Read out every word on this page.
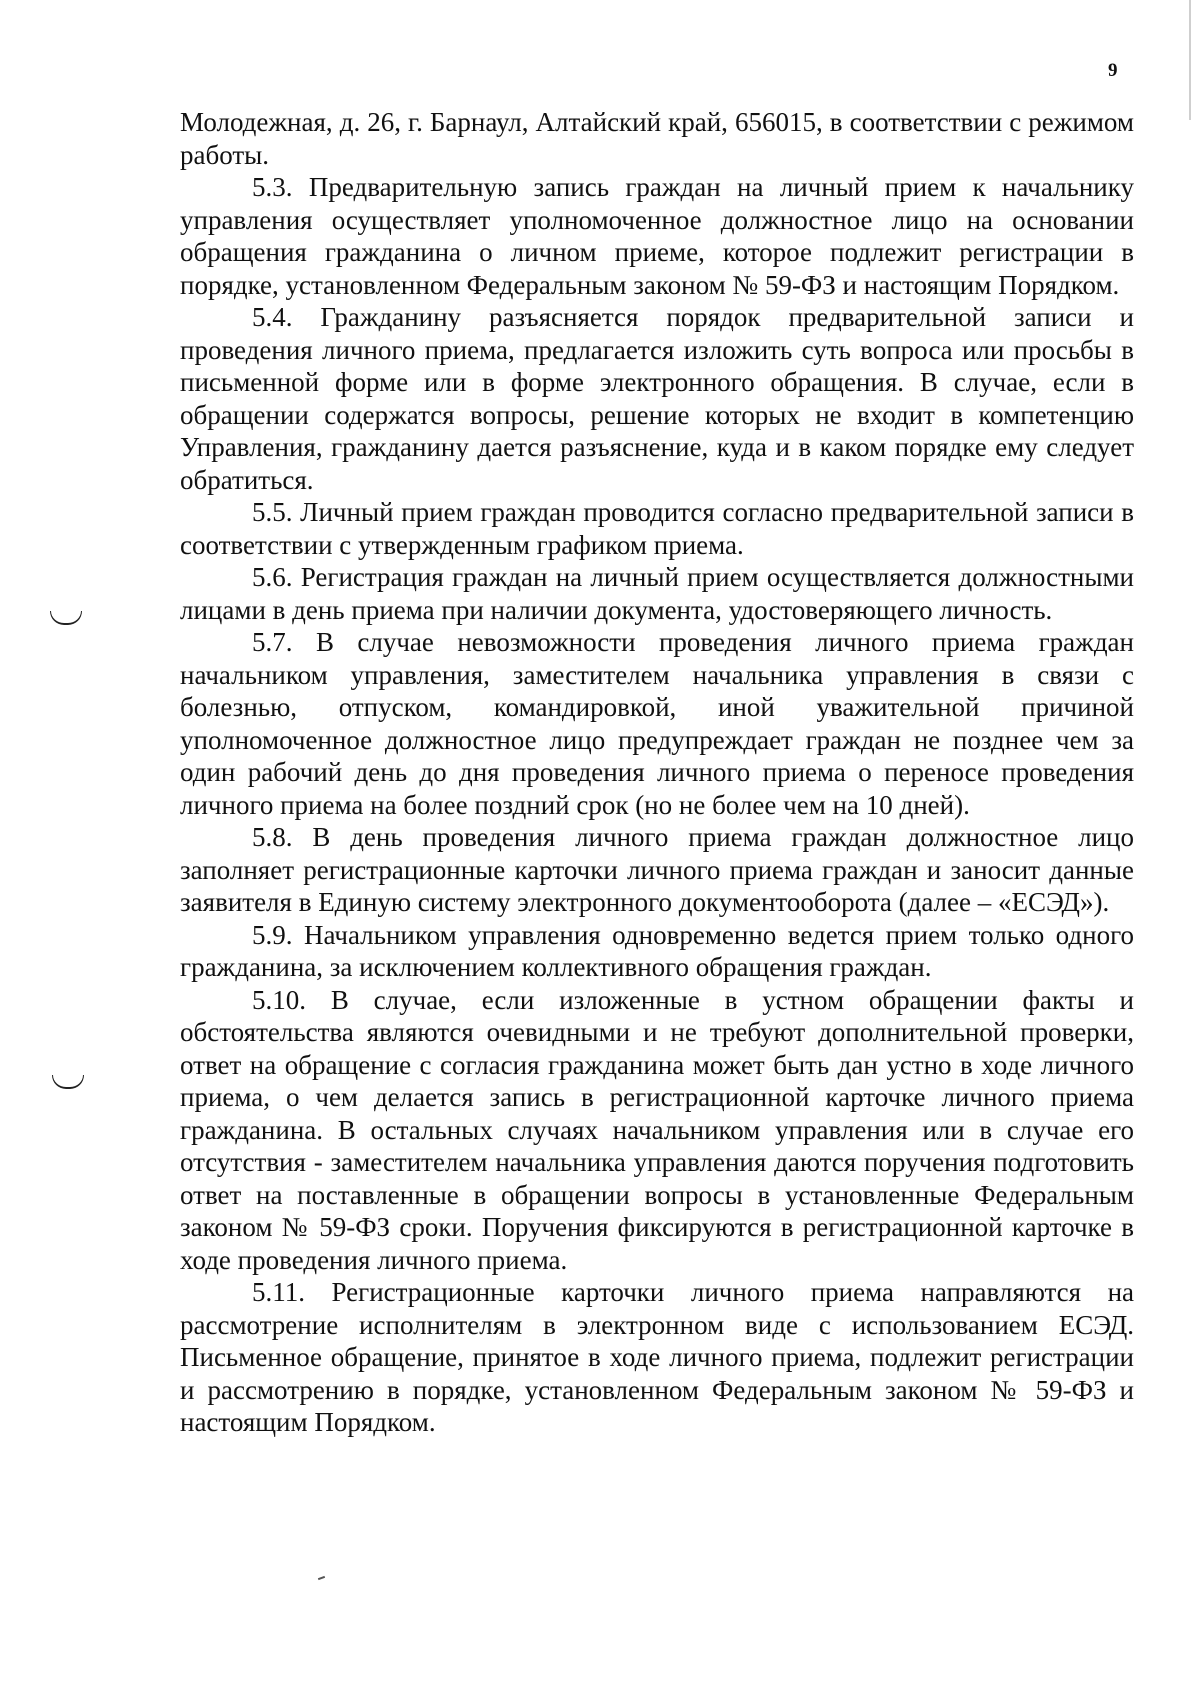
9

Молодежная, д. 26, г. Барнаул, Алтайский край, 656015, в соответствии с режимом работы.

5.3. Предварительную запись граждан на личный прием к начальнику управления осуществляет уполномоченное должностное лицо на основании обращения гражданина о личном приеме, которое подлежит регистрации в порядке, установленном Федеральным законом № 59-ФЗ и настоящим Порядком.

5.4. Гражданину разъясняется порядок предварительной записи и проведения личного приема, предлагается изложить суть вопроса или просьбы в письменной форме или в форме электронного обращения. В случае, если в обращении содержатся вопросы, решение которых не входит в компетенцию Управления, гражданину дается разъяснение, куда и в каком порядке ему следует обратиться.

5.5. Личный прием граждан проводится согласно предварительной записи в соответствии с утвержденным графиком приема.

5.6. Регистрация граждан на личный прием осуществляется должностными лицами в день приема при наличии документа, удостоверяющего личность.

5.7. В случае невозможности проведения личного приема граждан начальником управления, заместителем начальника управления в связи с болезнью, отпуском, командировкой, иной уважительной причиной уполномоченное должностное лицо предупреждает граждан не позднее чем за один рабочий день до дня проведения личного приема о переносе проведения личного приема на более поздний срок (но не более чем на 10 дней).

5.8. В день проведения личного приема граждан должностное лицо заполняет регистрационные карточки личного приема граждан и заносит данные заявителя в Единую систему электронного документооборота (далее – «ЕСЭД»).

5.9. Начальником управления одновременно ведется прием только одного гражданина, за исключением коллективного обращения граждан.

5.10. В случае, если изложенные в устном обращении факты и обстоятельства являются очевидными и не требуют дополнительной проверки, ответ на обращение с согласия гражданина может быть дан устно в ходе личного приема, о чем делается запись в регистрационной карточке личного приема гражданина. В остальных случаях начальником управления или в случае его отсутствия - заместителем начальника управления даются поручения подготовить ответ на поставленные в обращении вопросы в установленные Федеральным законом № 59-ФЗ сроки. Поручения фиксируются в регистрационной карточке в ходе проведения личного приема.

5.11. Регистрационные карточки личного приема направляются на рассмотрение исполнителям в электронном виде с использованием ЕСЭД. Письменное обращение, принятое в ходе личного приема, подлежит регистрации и рассмотрению в порядке, установленном Федеральным законом № 59-ФЗ и настоящим Порядком.
